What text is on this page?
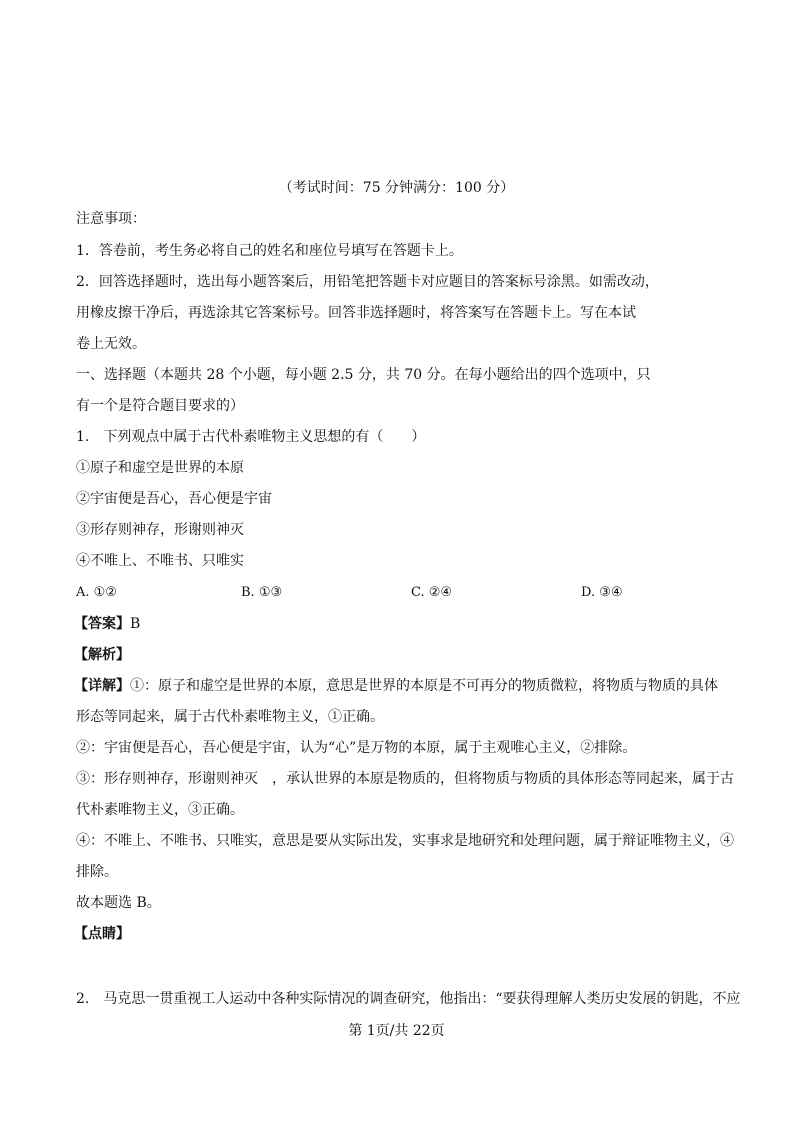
（考试时间：75 分钟满分：100 分）
注意事项：
1．答卷前，考生务必将自己的姓名和座位号填写在答题卡上。
2．回答选择题时，选出每小题答案后，用铅笔把答题卡对应题目的答案标号涂黑。如需改动，
用橡皮擦干净后，再选涂其它答案标号。回答非选择题时，将答案写在答题卡上。写在本试
卷上无效。
一、选择题（本题共 28 个小题，每小题 2.5 分，共 70 分。在每小题给出的四个选项中，只
有一个是符合题目要求的）
1.　下列观点中属于古代朴素唯物主义思想的有（　　）
①原子和虚空是世界的本原
②宇宙便是吾心，吾心便是宇宙
③形存则神存，形谢则神灭
④不唯上、不唯书、只唯实
A. ①②	B. ①③	C. ②④	D. ③④
【答案】B
【解析】
【详解】①：原子和虚空是世界的本原，意思是世界的本原是不可再分的物质微粒，将物质与物质的具体
形态等同起来，属于古代朴素唯物主义，①正确。
②：宇宙便是吾心，吾心便是宇宙，认为“心”是万物的本原，属于主观唯心主义，②排除。
③：形存则神存，形谢则神灭　，承认世界的本原是物质的，但将物质与物质的具体形态等同起来，属于古
代朴素唯物主义，③正确。
④：不唯上、不唯书、只唯实，意思是要从实际出发，实事求是地研究和处理问题，属于辩证唯物主义，④
排除。
故本题选 B。
【点睛】
2.　马克思一贯重视工人运动中各种实际情况的调查研究，他指出：“要获得理解人类历史发展的钥匙，不应
第 1页/共 22页
